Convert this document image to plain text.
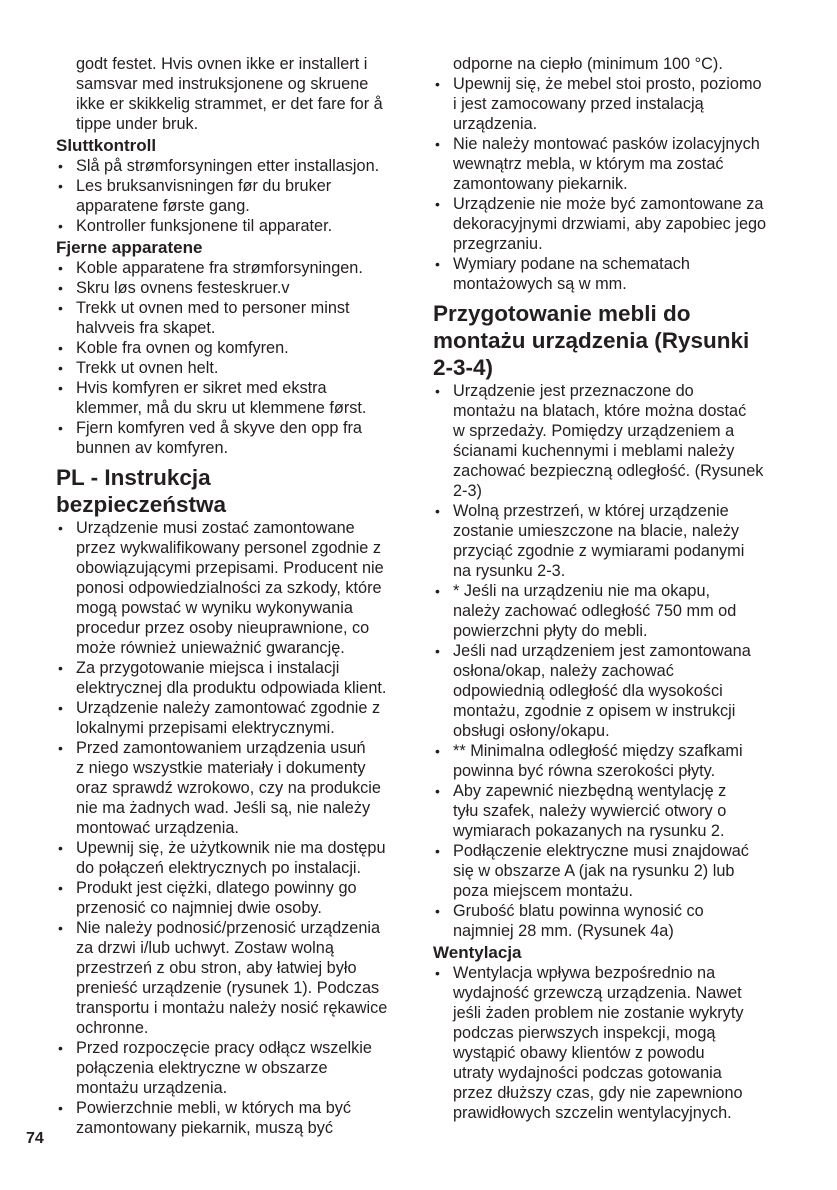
godt festet. Hvis ovnen ikke er installert i
samsvar med instruksjonene og skruene
ikke er skikkelig strammet, er det fare for å
tippe under bruk.
Sluttkontroll
• Slå på strømforsyningen etter installasjon.
• Les bruksanvisningen før du bruker
apparatene første gang.
• Kontroller funksjonene til apparater.
Fjerne apparatene
• Koble apparatene fra strømforsyningen.
• Skru løs ovnens festeskruer.v
• Trekk ut ovnen med to personer minst
halvveis fra skapet.
• Koble fra ovnen og komfyren.
• Trekk ut ovnen helt.
• Hvis komfyren er sikret med ekstra
klemmer, må du skru ut klemmene først.
• Fjern komfyren ved å skyve den opp fra
bunnen av komfyren.
PL - Instrukcja
bezpieczeństwa
• Urządzenie musi zostać zamontowane
przez wykwalifikowany personel zgodnie z
obowiązującymi przepisami. Producent nie
ponosi odpowiedzialności za szkody, które
mogą powstać w wyniku wykonywania
procedur przez osoby nieuprawnione, co
może również unieważnić gwarancję.
• Za przygotowanie miejsca i instalacji
elektrycznej dla produktu odpowiada klient.
• Urządzenie należy zamontować zgodnie z
lokalnymi przepisami elektrycznymi.
• Przed zamontowaniem urządzenia usuń
z niego wszystkie materiały i dokumenty
oraz sprawdź wzrokowo, czy na produkcie
nie ma żadnych wad. Jeśli są, nie należy
montować urządzenia.
• Upewnij się, że użytkownik nie ma dostępu
do połączeń elektrycznych po instalacji.
• Produkt jest ciężki, dlatego powinny go
przenosić co najmniej dwie osoby.
• Nie należy podnosić/przenosić urządzenia
za drzwi i/lub uchwyt. Zostaw wolną
przestrzeń z obu stron, aby łatwiej było
prenieść urządzenie (rysunek 1). Podczas
transportu i montażu należy nosić rękawice
ochronne.
• Przed rozpoczęcie pracy odłącz wszelkie
połączenia elektryczne w obszarze
montażu urządzenia.
• Powierzchnie mebli, w których ma być
zamontowany piekarnik, muszą być
odporne na ciepło (minimum 100 °C).
• Upewnij się, że mebel stoi prosto, poziomo
i jest zamocowany przed instalacją
urządzenia.
• Nie należy montować pasków izolacyjnych
wewnątrz mebla, w którym ma zostać
zamontowany piekarnik.
• Urządzenie nie może być zamontowane za
dekoracyjnymi drzwiami, aby zapobiec jego
przegrzaniu.
• Wymiary podane na schematach
montażowych są w mm.
Przygotowanie mebli do
montażu urządzenia (Rysunki
2-3-4)
• Urządzenie jest przeznaczone do
montażu na blatach, które można dostać
w sprzedaży. Pomiędzy urządzeniem a
ścianami kuchennymi i meblami należy
zachować bezpieczną odległość. (Rysunek
2-3)
• Wolną przestrzeń, w której urządzenie
zostanie umieszczone na blacie, należy
przyciąć zgodnie z wymiarami podanymi
na rysunku 2-3.
• * Jeśli na urządzeniu nie ma okapu,
należy zachować odległość 750 mm od
powierzchni płyty do mebli.
• Jeśli nad urządzeniem jest zamontowana
osłona/okap, należy zachować
odpowiednią odległość dla wysokości
montażu, zgodnie z opisem w instrukcji
obsługi osłony/okapu.
• ** Minimalna odległość między szafkami
powinna być równa szerokości płyty.
• Aby zapewnić niezbędną wentylację z
tyłu szafek, należy wywiercić otwory o
wymiarach pokazanych na rysunku 2.
• Podłączenie elektryczne musi znajdować
się w obszarze A (jak na rysunku 2) lub
poza miejscem montażu.
• Grubość blatu powinna wynosić co
najmniej 28 mm. (Rysunek 4a)
Wentylacja
• Wentylacja wpływa bezpośrednio na
wydajność grzewczą urządzenia. Nawet
jeśli żaden problem nie zostanie wykryty
podczas pierwszych inspekcji, mogą
wystąpić obawy klientów z powodu
utraty wydajności podczas gotowania
przez dłuższy czas, gdy nie zapewniono
prawidłowych szczelin wentylacyjnych.
74
